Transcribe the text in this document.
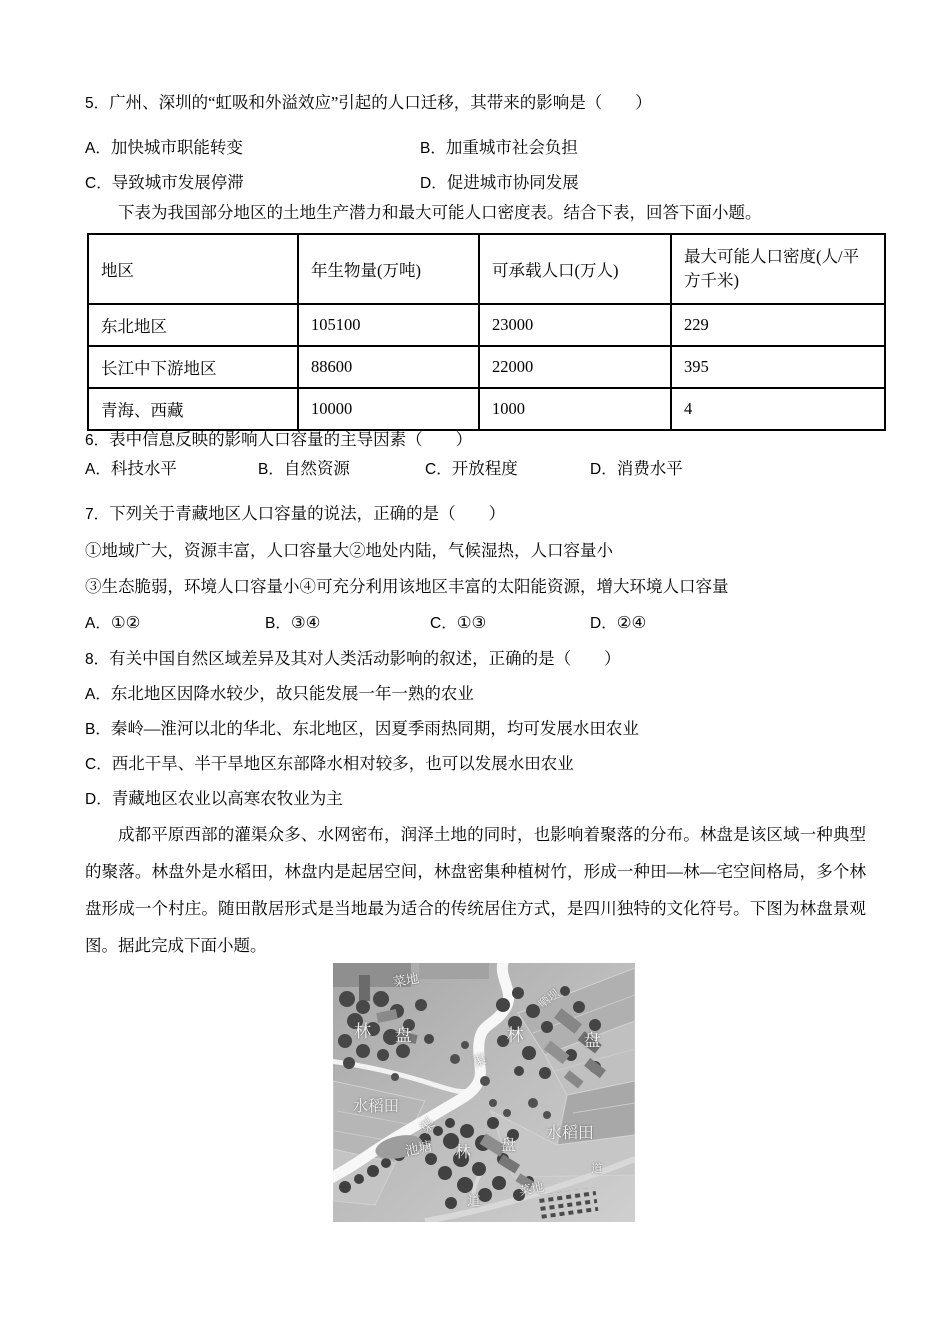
5．广州、深圳的“虹吸和外溢效应”引起的人口迁移，其带来的影响是（　　）
A．加快城市职能转变	B．加重城市社会负担
C．导致城市发展停滞	D．促进城市协同发展
下表为我国部分地区的土地生产潜力和最大可能人口密度表。结合下表，回答下面小题。
地区	年生物量(万吨)	可承载人口(万人)	最大可能人口密度(人/平方千米)
东北地区	105100	23000	229
长江中下游地区	88600	22000	395
青海、西藏	10000	1000	4
6．表中信息反映的影响人口容量的主导因素（　　）
A．科技水平	B．自然资源	C．开放程度	D．消费水平
7．下列关于青藏地区人口容量的说法，正确的是（　　）
①地域广大，资源丰富，人口容量大②地处内陆，气候湿热，人口容量小
③生态脆弱，环境人口容量小④可充分利用该地区丰富的太阳能资源，增大环境人口容量
A．①②	B．③④	C．①③	D．②④
8．有关中国自然区域差异及其对人类活动影响的叙述，正确的是（　　）
A．东北地区因降水较少，故只能发展一年一熟的农业
B．秦岭—淮河以北的华北、东北地区，因夏季雨热同期，均可发展水田农业
C．西北干旱、半干旱地区东部降水相对较多，也可以发展水田农业
D．青藏地区农业以高寒农牧业为主
成都平原西部的灌渠众多、水网密布，润泽土地的同时，也影响着聚落的分布。林盘是该区域一种典型的聚落。林盘外是水稻田，林盘内是起居空间，林盘密集种植树竹，形成一种田—林—宅空间格局，多个林盘形成一个村庄。随田散居形式是当地最为适合的传统居住方式，是四川独特的文化符号。下图为林盘景观图。据此完成下面小题。
菜地
林 盘
晒坝
林	盘
渠
水稻田
渠
池塘 林 盘
水稻田
道
菜地
道
